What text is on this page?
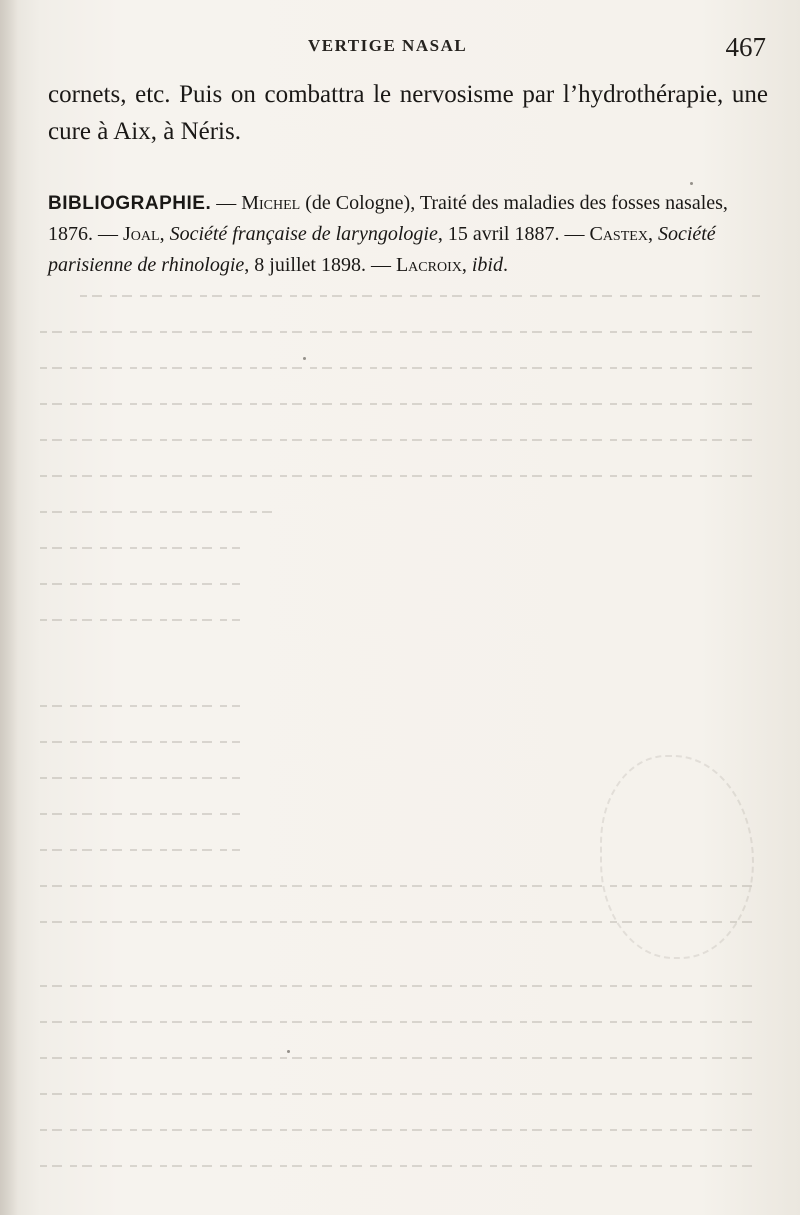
VERTIGE NASAL	467

cornets, etc. Puis on combattra le nervosisme par l’hydrothérapie, une cure à Aix, à Néris.

BIBLIOGRAPHIE. — Michel (de Cologne), Traité des maladies des fosses nasales, 1876. — Joal, Société française de laryngologie, 15 avril 1887. — Castex, Société parisienne de rhinologie, 8 juillet 1898. — Lacroix, ibid.
